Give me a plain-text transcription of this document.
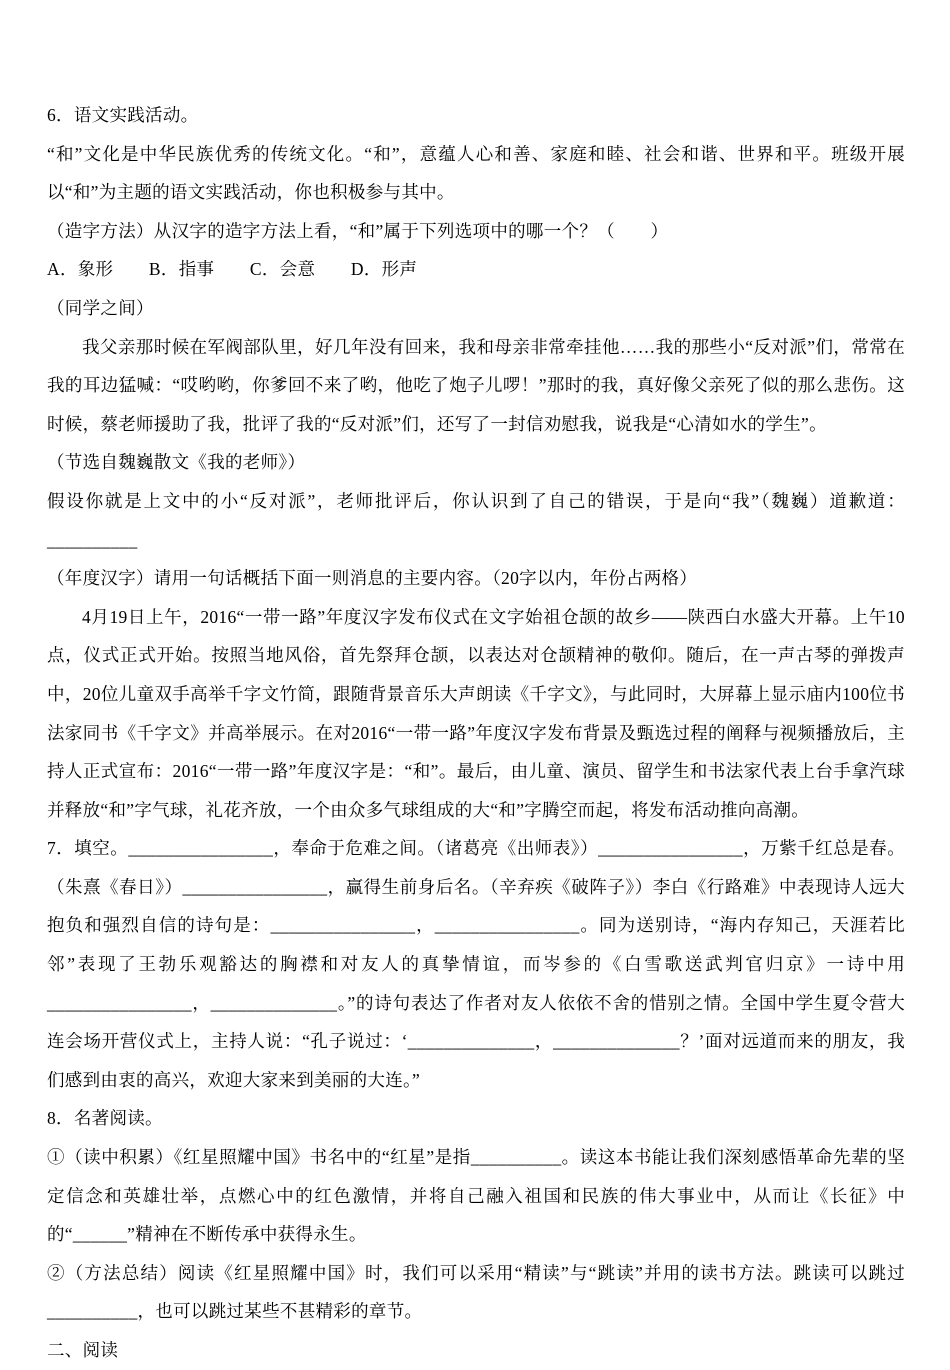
6．语文实践活动。

“和”文化是中华民族优秀的传统文化。“和”，意蕴人心和善、家庭和睦、社会和谐、世界和平。班级开展以“和”为主题的语文实践活动，你也积极参与其中。

（造字方法）从汉字的造字方法上看，“和”属于下列选项中的哪一个？（　　）

A．象形　　B．指事　　C．会意　　D．形声

（同学之间）

我父亲那时候在军阀部队里，好几年没有回来，我和母亲非常牵挂他……我的那些小“反对派”们，常常在我的耳边猛喊：“哎哟哟，你爹回不来了哟，他吃了炮子儿啰！”那时的我，真好像父亲死了似的那么悲伤。这时候，蔡老师援助了我，批评了我的“反对派”们，还写了一封信劝慰我，说我是“心清如水的学生”。

（节选自魏巍散文《我的老师》）

假设你就是上文中的小“反对派”，老师批评后，你认识到了自己的错误，于是向“我”（魏巍）道歉道：__________

（年度汉字）请用一句话概括下面一则消息的主要内容。（20字以内，年份占两格）

4月19日上午，2016“一带一路”年度汉字发布仪式在文字始祖仓颉的故乡——陕西白水盛大开幕。上午10点，仪式正式开始。按照当地风俗，首先祭拜仓颉，以表达对仓颉精神的敬仰。随后，在一声古琴的弹拨声中，20位儿童双手高举千字文竹简，跟随背景音乐大声朗读《千字文》，与此同时，大屏幕上显示庙内100位书法家同书《千字文》并高举展示。在对2016“一带一路”年度汉字发布背景及甄选过程的阐释与视频播放后，主持人正式宣布：2016“一带一路”年度汉字是：“和”。最后，由儿童、演员、留学生和书法家代表上台手拿汽球并释放“和”字气球，礼花齐放，一个由众多气球组成的大“和”字腾空而起，将发布活动推向高潮。

7．填空。________________，奉命于危难之间。（诸葛亮《出师表》）________________，万紫千红总是春。（朱熹《春日》）________________，赢得生前身后名。（辛弃疾《破阵子》）李白《行路难》中表现诗人远大抱负和强烈自信的诗句是：________________，________________。同为送别诗，“海内存知己，天涯若比邻”表现了王勃乐观豁达的胸襟和对友人的真挚情谊，而岑参的《白雪歌送武判官归京》一诗中用________________，______________。”的诗句表达了作者对友人依依不舍的惜别之情。全国中学生夏令营大连会场开营仪式上，主持人说：“孔子说过：‘______________，______________？’面对远道而来的朋友，我们感到由衷的高兴，欢迎大家来到美丽的大连。”

8．名著阅读。

①（读中积累）《红星照耀中国》书名中的“红星”是指__________。读这本书能让我们深刻感悟革命先辈的坚定信念和英雄壮举，点燃心中的红色激情，并将自己融入祖国和民族的伟大事业中，从而让《长征》中的“______”精神在不断传承中获得永生。

②（方法总结）阅读《红星照耀中国》时，我们可以采用“精读”与“跳读”并用的读书方法。跳读可以跳过__________，也可以跳过某些不甚精彩的章节。

二、阅读
